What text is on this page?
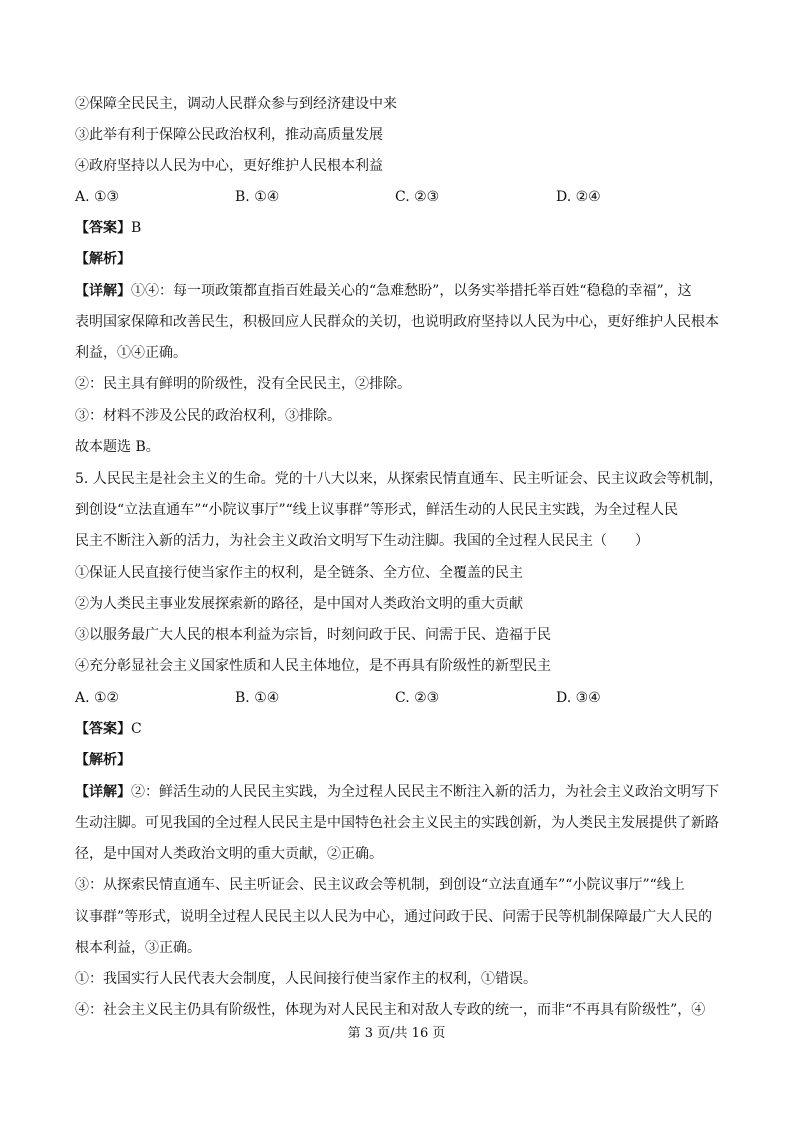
②保障全民民主，调动人民群众参与到经济建设中来
③此举有利于保障公民政治权利，推动高质量发展
④政府坚持以人民为中心，更好维护人民根本利益
A. ①③	B. ①④	C. ②③	D. ②④
【答案】B
【解析】
【详解】①④：每一项政策都直指百姓最关心的“急难愁盼”，以务实举措托举百姓“稳稳的幸福”，这
表明国家保障和改善民生，积极回应人民群众的关切，也说明政府坚持以人民为中心，更好维护人民根本
利益，①④正确。
②：民主具有鲜明的阶级性，没有全民民主，②排除。
③：材料不涉及公民的政治权利，③排除。
故本题选 B。
5. 人民民主是社会主义的生命。党的十八大以来，从探索民情直通车、民主听证会、民主议政会等机制，
到创设“立法直通车”“小院议事厅”“线上议事群”等形式，鲜活生动的人民民主实践，为全过程人民
民主不断注入新的活力，为社会主义政治文明写下生动注脚。我国的全过程人民民主（　　）
①保证人民直接行使当家作主的权利，是全链条、全方位、全覆盖的民主
②为人类民主事业发展探索新的路径，是中国对人类政治文明的重大贡献
③以服务最广大人民的根本利益为宗旨，时刻问政于民、问需于民、造福于民
④充分彰显社会主义国家性质和人民主体地位，是不再具有阶级性的新型民主
A. ①②	B. ①④	C. ②③	D. ③④
【答案】C
【解析】
【详解】②：鲜活生动的人民民主实践，为全过程人民民主不断注入新的活力，为社会主义政治文明写下
生动注脚。可见我国的全过程人民民主是中国特色社会主义民主的实践创新，为人类民主发展提供了新路
径，是中国对人类政治文明的重大贡献，②正确。
③：从探索民情直通车、民主听证会、民主议政会等机制，到创设“立法直通车”“小院议事厅”“线上
议事群”等形式，说明全过程人民民主以人民为中心，通过问政于民、问需于民等机制保障最广大人民的
根本利益，③正确。
①：我国实行人民代表大会制度，人民间接行使当家作主的权利，①错误。
④：社会主义民主仍具有阶级性，体现为对人民民主和对敌人专政的统一，而非“不再具有阶级性”，④
第 3 页/共 16 页
